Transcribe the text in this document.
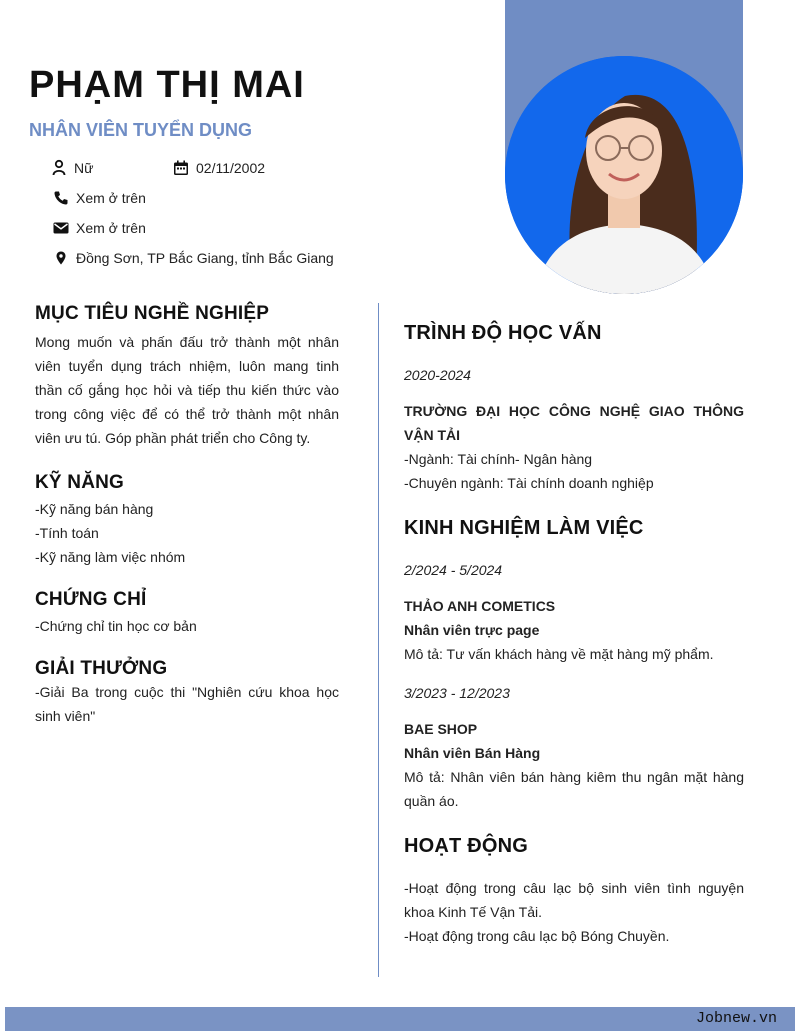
PHẠM THỊ MAI
NHÂN VIÊN TUYỂN DỤNG
Nữ	02/11/2002
Xem ở trên
Xem ở trên
Đồng Sơn, TP Bắc Giang, tỉnh Bắc Giang
MỤC TIÊU NGHỀ NGHIỆP

Mong muốn và phấn đấu trở thành một nhân viên tuyển dụng trách nhiệm, luôn mang tinh thần cố gắng học hỏi và tiếp thu kiến thức vào trong công việc để có thể trở thành một nhân viên ưu tú. Góp phần phát triển cho Công ty.

KỸ NĂNG
-Kỹ năng bán hàng
-Tính toán
-Kỹ năng làm việc nhóm
CHỨNG CHỈ
-Chứng chỉ tin học cơ bản
GIẢI THƯỞNG
-Giải Ba trong cuộc thi "Nghiên cứu khoa học sinh viên"
TRÌNH ĐỘ HỌC VẤN
2020-2024
TRƯỜNG ĐẠI HỌC CÔNG NGHỆ GIAO THÔNG VẬN TẢI
-Ngành: Tài chính- Ngân hàng
-Chuyên ngành: Tài chính doanh nghiệp
KINH NGHIỆM LÀM VIỆC
2/2024 - 5/2024
THẢO ANH COMETICS
Nhân viên trực page
Mô tả: Tư vấn khách hàng về mặt hàng mỹ phẩm.
3/2023 - 12/2023
BAE SHOP
Nhân viên Bán Hàng
Mô tả: Nhân viên bán hàng kiêm thu ngân mặt hàng quần áo.
HOẠT ĐỘNG
-Hoạt động trong câu lạc bộ sinh viên tình nguyện khoa Kinh Tế Vận Tải.
-Hoạt động trong câu lạc bộ Bóng Chuyền.
Jobnew.vn
